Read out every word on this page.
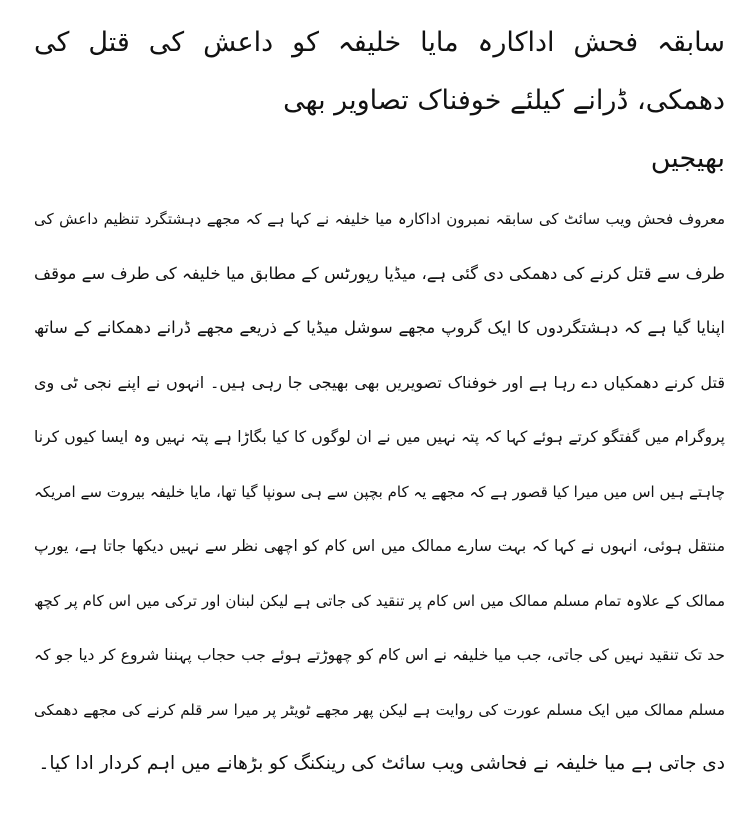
سابقہ فحش اداکارہ مایا خلیفہ کو داعش کی قتل کی دھمکی، ڈرانے کیلئے خوفناک تصاویر بھی
بھیجیں
معروف فحش ویب سائٹ کی سابقہ نمبرون اداکارہ میا خلیفہ نے کہا ہے کہ مجھے دہشتگرد تنظیم داعش کی
طرف سے قتل کرنے کی دھمکی دی گئی ہے، میڈیا رپورٹس کے مطابق میا خلیفہ کی طرف سے موقف
اپنایا گیا ہے کہ دہشتگردوں کا ایک گروپ مجھے سوشل میڈیا کے ذریعے مجھے ڈرانے دھمکانے کے ساتھ
قتل کرنے دھمکیاں دے رہا ہے اور خوفناک تصویریں بھی بھیجی جا رہی ہیں۔ انہوں نے اپنے نجی ٹی وی
پروگرام میں گفتگو کرتے ہوئے کہا کہ پتہ نہیں میں نے ان لوگوں کا کیا بگاڑا ہے پتہ نہیں وہ ایسا کیوں کرنا
چاہتے ہیں اس میں میرا کیا قصور ہے کہ مجھے یہ کام بچپن سے ہی سونپا گیا تھا، مایا خلیفہ بیروت سے امریکہ
منتقل ہوئی، انہوں نے کہا کہ بہت سارے ممالک میں اس کام کو اچھی نظر سے نہیں دیکھا جاتا ہے، یورپ
ممالک کے علاوہ تمام مسلم ممالک میں اس کام پر تنقید کی جاتی ہے لیکن لبنان اور ترکی میں اس کام پر کچھ
حد تک تنقید نہیں کی جاتی، جب میا خلیفہ نے اس کام کو چھوڑتے ہوئے جب حجاب پہننا شروع کر دیا جو کہ
مسلم ممالک میں ایک مسلم عورت کی روایت ہے لیکن پھر مجھے ٹویٹر پر میرا سر قلم کرنے کی مجھے دھمکی
دی جاتی ہے میا خلیفہ نے فحاشی ویب سائٹ کی رینکنگ کو بڑھانے میں اہم کردار ادا کیا۔
